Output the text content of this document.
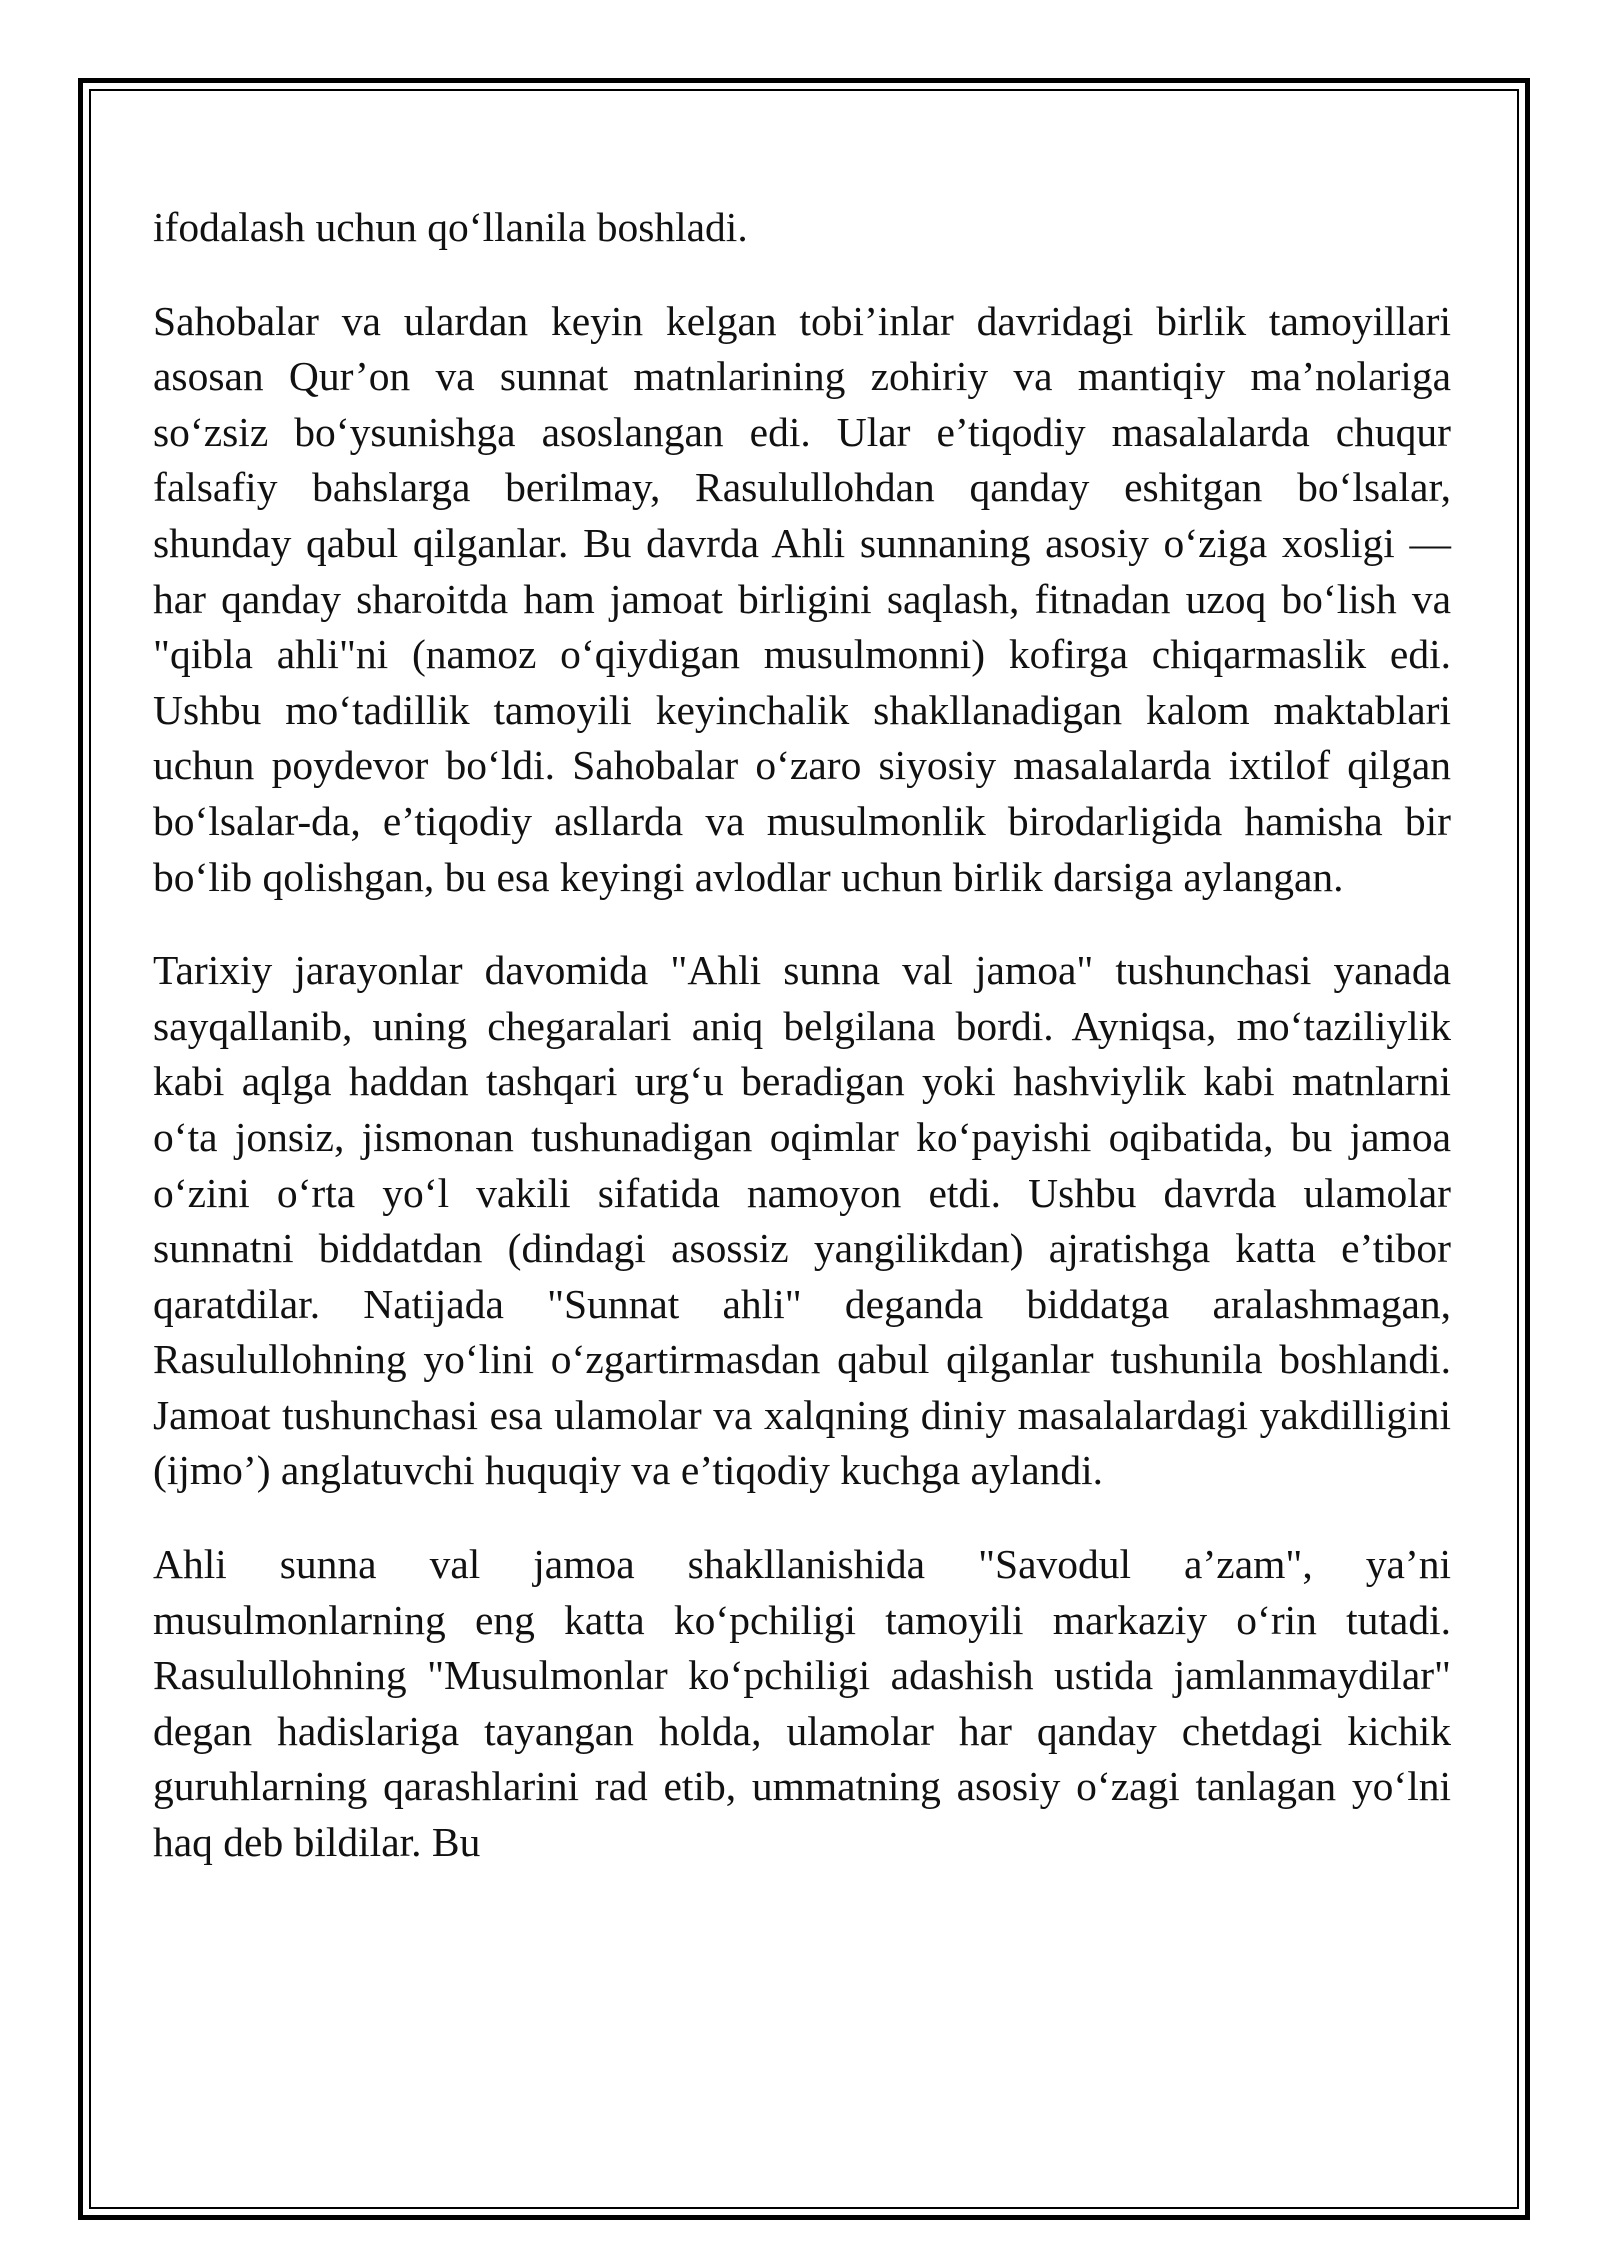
ifodalash uchun qo‘llanila boshladi.

Sahobalar va ulardan keyin kelgan tobi’inlar davridagi birlik tamoyillari asosan Qur’on va sunnat matnlarining zohiriy va mantiqiy ma’nolariga so‘zsiz bo‘ysunishga asoslangan edi. Ular e’tiqodiy masalalarda chuqur falsafiy bahslarga berilmay, Rasulullohdan qanday eshitgan bo‘lsalar, shunday qabul qilganlar. Bu davrda Ahli sunnaning asosiy o‘ziga xosligi — har qanday sharoitda ham jamoat birligini saqlash, fitnadan uzoq bo‘lish va "qibla ahli"ni (namoz o‘qiydigan musulmonni) kofirga chiqarmaslik edi. Ushbu mo‘tadillik tamoyili keyinchalik shakllanadigan kalom maktablari uchun poydevor bo‘ldi. Sahobalar o‘zaro siyosiy masalalarda ixtilof qilgan bo‘lsalar-da, e’tiqodiy asllarda va musulmonlik birodarligida hamisha bir bo‘lib qolishgan, bu esa keyingi avlodlar uchun birlik darsiga aylangan.

Tarixiy jarayonlar davomida "Ahli sunna val jamoa" tushunchasi yanada sayqallanib, uning chegaralari aniq belgilana bordi. Ayniqsa, mo‘taziliylik kabi aqlga haddan tashqari urg‘u beradigan yoki hashviylik kabi matnlarni o‘ta jonsiz, jismonan tushunadigan oqimlar ko‘payishi oqibatida, bu jamoa o‘zini o‘rta yo‘l vakili sifatida namoyon etdi. Ushbu davrda ulamolar sunnatni biddatdan (dindagi asossiz yangilikdan) ajratishga katta e’tibor qaratdilar. Natijada "Sunnat ahli" deganda biddatga aralashmagan, Rasulullohning yo‘lini o‘zgartirmasdan qabul qilganlar tushunila boshlandi. Jamoat tushunchasi esa ulamolar va xalqning diniy masalalardagi yakdilligini (ijmo’) anglatuvchi huquqiy va e’tiqodiy kuchga aylandi.

Ahli sunna val jamoa shakllanishida "Savodul a’zam", ya’ni musulmonlarning eng katta ko‘pchiligi tamoyili markaziy o‘rin tutadi. Rasulullohning "Musulmonlar ko‘pchiligi adashish ustida jamlanmaydilar" degan hadislariga tayangan holda, ulamolar har qanday chetdagi kichik guruhlarning qarashlarini rad etib, ummatning asosiy o‘zagi tanlagan yo‘lni haq deb bildilar. Bu
